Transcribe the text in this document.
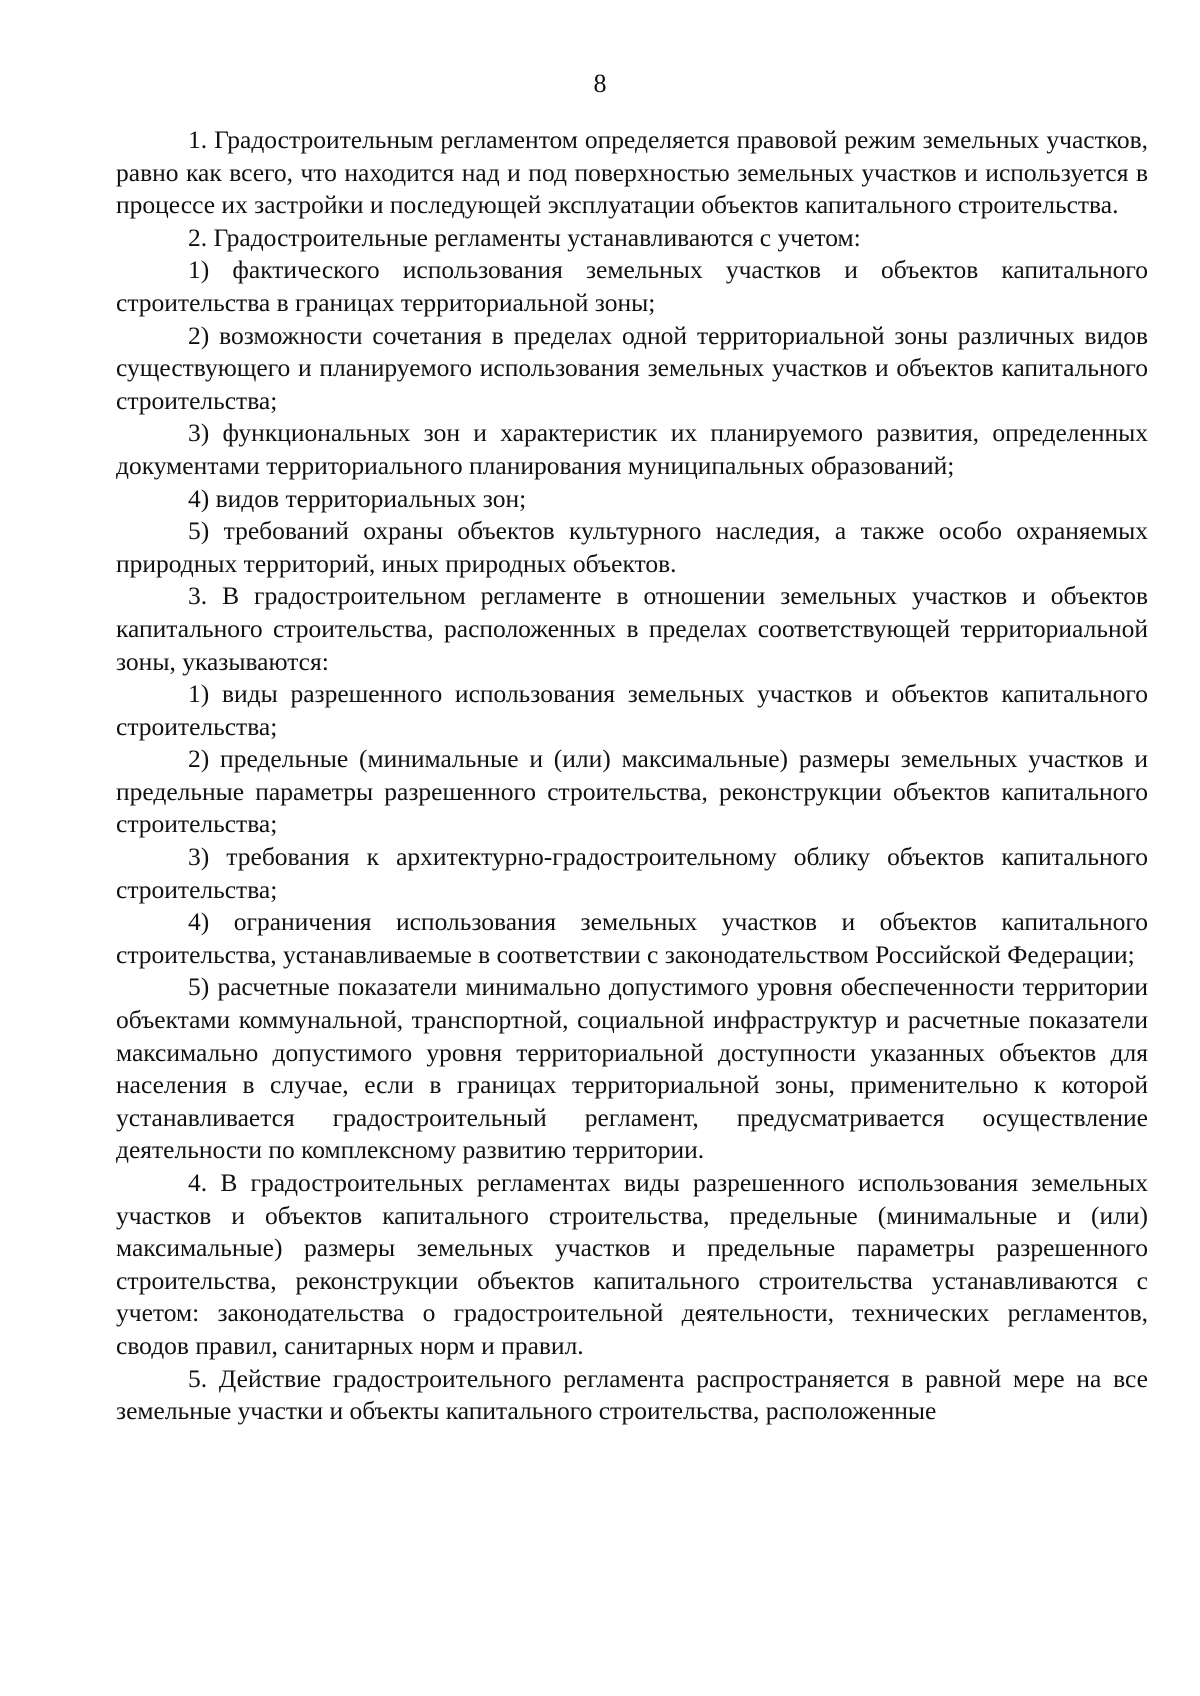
8

1. Градостроительным регламентом определяется правовой режим земельных участков, равно как всего, что находится над и под поверхностью земельных участков и используется в процессе их застройки и последующей эксплуатации объектов капитального строительства.

2. Градостроительные регламенты устанавливаются с учетом:

1) фактического использования земельных участков и объектов капитального строительства в границах территориальной зоны;

2) возможности сочетания в пределах одной территориальной зоны различных видов существующего и планируемого использования земельных участков и объектов капитального строительства;

3) функциональных зон и характеристик их планируемого развития, определенных документами территориального планирования муниципальных образований;

4) видов территориальных зон;

5) требований охраны объектов культурного наследия, а также особо охраняемых природных территорий, иных природных объектов.

3. В градостроительном регламенте в отношении земельных участков и объектов капитального строительства, расположенных в пределах соответствующей территориальной зоны, указываются:

1) виды разрешенного использования земельных участков и объектов капитального строительства;

2) предельные (минимальные и (или) максимальные) размеры земельных участков и предельные параметры разрешенного строительства, реконструкции объектов капитального строительства;

3) требования к архитектурно-градостроительному облику объектов капитального строительства;

4) ограничения использования земельных участков и объектов капитального строительства, устанавливаемые в соответствии с законодательством Российской Федерации;

5) расчетные показатели минимально допустимого уровня обеспеченности территории объектами коммунальной, транспортной, социальной инфраструктур и расчетные показатели максимально допустимого уровня территориальной доступности указанных объектов для населения в случае, если в границах территориальной зоны, применительно к которой устанавливается градостроительный регламент, предусматривается осуществление деятельности по комплексному развитию территории.

4. В градостроительных регламентах виды разрешенного использования земельных участков и объектов капитального строительства, предельные (минимальные и (или) максимальные) размеры земельных участков и предельные параметры разрешенного строительства, реконструкции объектов капитального строительства устанавливаются с учетом: законодательства о градостроительной деятельности, технических регламентов, сводов правил, санитарных норм и правил.

5. Действие градостроительного регламента распространяется в равной мере на все земельные участки и объекты капитального строительства, расположенные
